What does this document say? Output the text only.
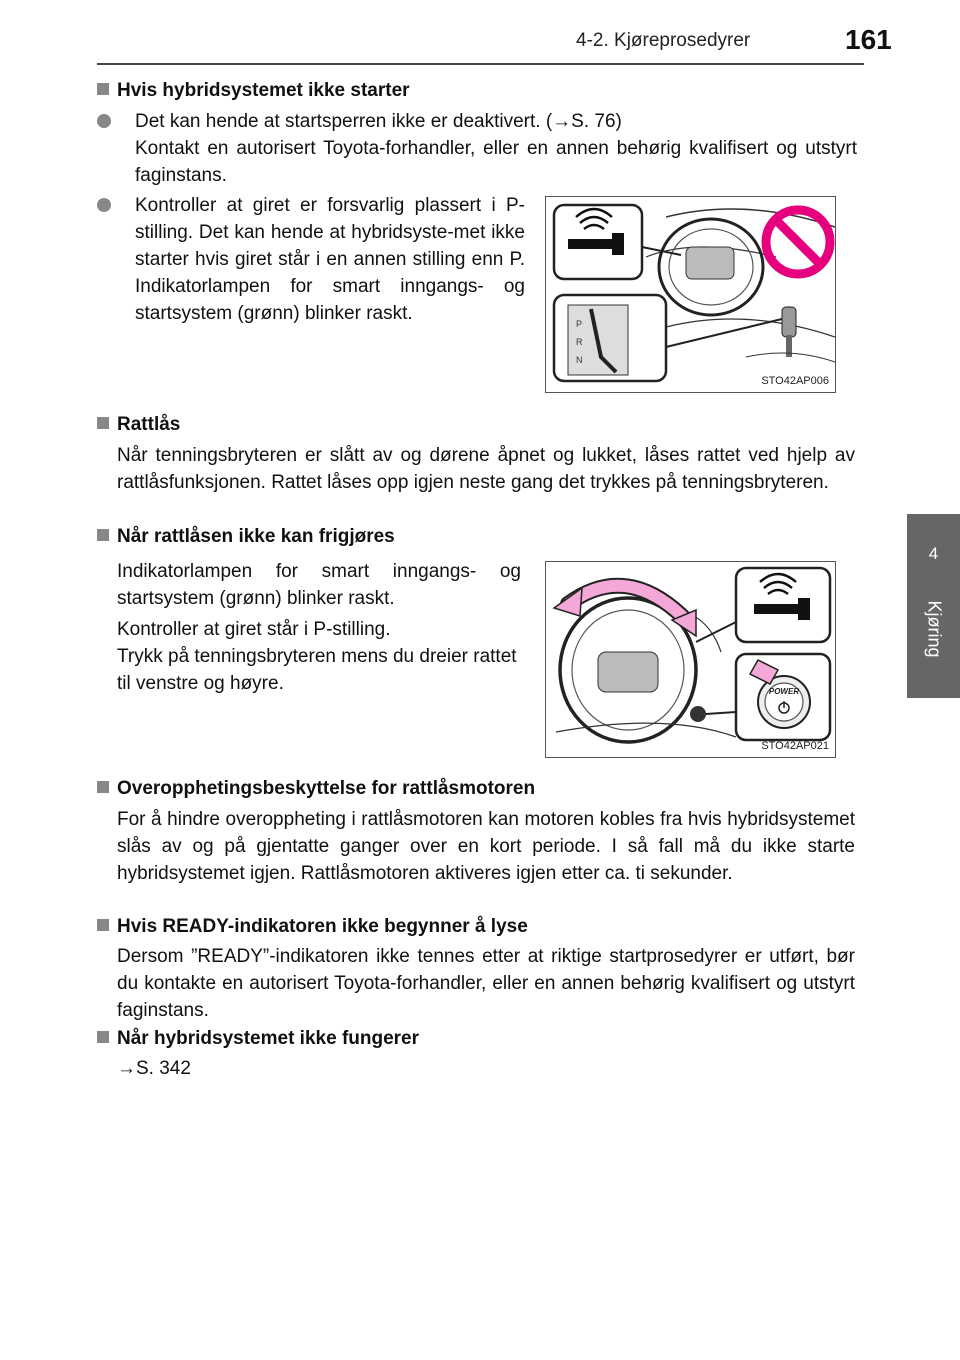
4-2. Kjøreprosedyrer	161
4
Kjøring
Hvis hybridsystemet ikke starter
Det kan hende at startsperren ikke er deaktivert. (→S. 76)
Kontakt en autorisert Toyota-forhandler, eller en annen behørig kvalifisert og utstyrt faginstans.
Kontroller at giret er forsvarlig plassert i P-stilling. Det kan hende at hybridsyste-met ikke starter hvis giret står i en annen stilling enn P. Indikatorlampen for smart inngangs- og startsystem (grønn) blinker raskt.	P
R
N
STO42AP006
Rattlås
Når tenningsbryteren er slått av og dørene åpnet og lukket, låses rattet ved hjelp av rattlåsfunksjonen. Rattet låses opp igjen neste gang det trykkes på tenningsbryteren.
Når rattlåsen ikke kan frigjøres
Indikatorlampen for smart inngangs- og startsystem (grønn) blinker raskt.
Kontroller at giret står i P-stilling.
Trykk på tenningsbryteren mens du dreier rattet til venstre og høyre.	POWER
STO42AP021
Overopphetingsbeskyttelse for rattlåsmotoren
For å hindre overoppheting i rattlåsmotoren kan motoren kobles fra hvis hybridsystemet slås av og på gjentatte ganger over en kort periode. I så fall må du ikke starte hybridsystemet igjen. Rattlåsmotoren aktiveres igjen etter ca. ti sekunder.
Hvis READY-indikatoren ikke begynner å lyse
Dersom ”READY”-indikatoren ikke tennes etter at riktige startprosedyrer er utført, bør du kontakte en autorisert Toyota-forhandler, eller en annen behørig kvalifisert og utstyrt faginstans.
Når hybridsystemet ikke fungerer
→S. 342
